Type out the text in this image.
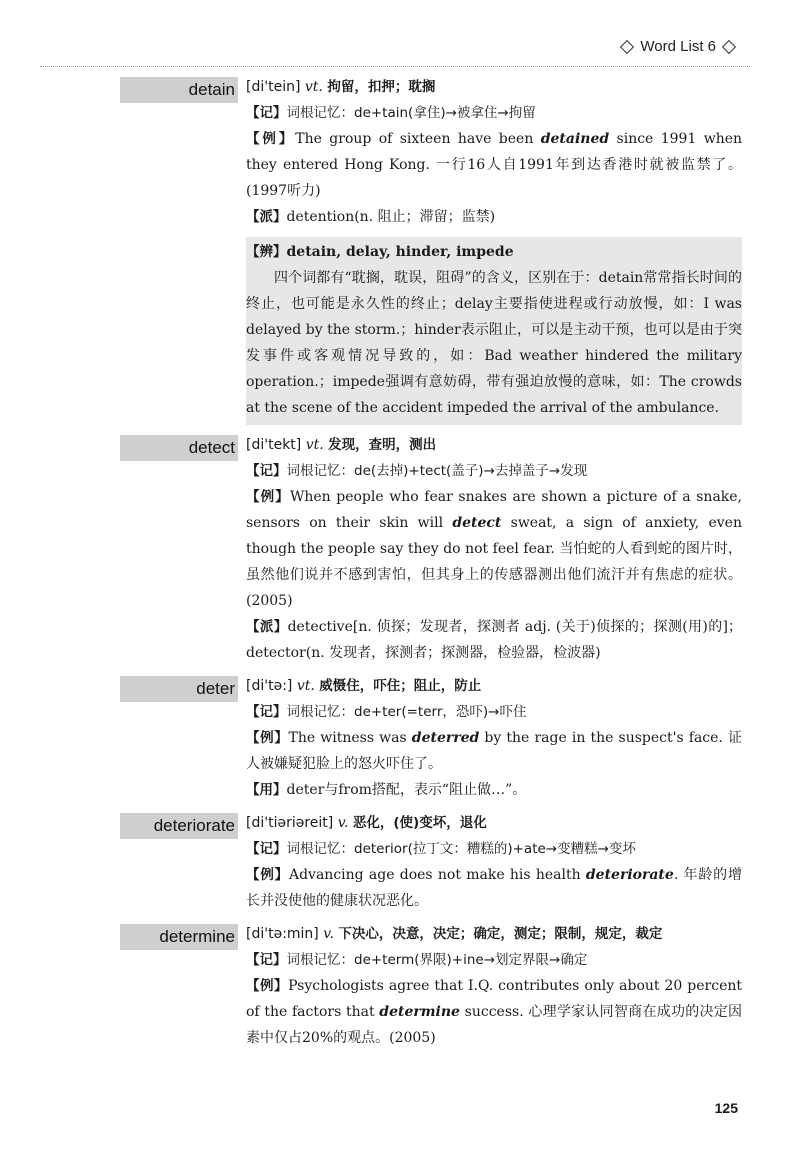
Word List 6
detain [di'tein] vt. 拘留，扣押；耽搁
【记】词根记忆：de+tain(拿住)→被拿住→拘留
【例】The group of sixteen have been detained since 1991 when they entered Hong Kong. 一行16人自1991年到达香港时就被监禁了。(1997听力)
【派】detention(n. 阻止；滞留；监禁)
【辨】detain, delay, hinder, impede
四个词都有“耽搁，耽误，阻碍”的含义，区别在于：detain常常指长时间的终止，也可能是永久性的终止；delay主要指使进程或行动放慢，如：I was delayed by the storm.；hinder表示阻止，可以是主动干预，也可以是由于突发事件或客观情况导致的，如：Bad weather hindered the military operation.；impede强调有意妨碍，带有强迫放慢的意味，如：The crowds at the scene of the accident impeded the arrival of the ambulance.
detect [di'tekt] vt. 发现，查明，测出
【记】词根记忆：de(去掉)+tect(盖子)→去掉盖子→发现
【例】When people who fear snakes are shown a picture of a snake, sensors on their skin will detect sweat, a sign of anxiety, even though the people say they do not feel fear. 当怕蛇的人看到蛇的图片时，虽然他们说并不感到害怕，但其身上的传感器测出他们流汗并有焦虑的症状。(2005)
【派】detective[n. 侦探；发现者，探测者 adj. (关于)侦探的；探测(用)的]；detector(n. 发现者，探测者；探测器，检验器，检波器)
deter [di'tə:] vt. 威慑住，吓住；阻止，防止
【记】词根记忆：de+ter(=terr，恐吓)→吓住
【例】The witness was deterred by the rage in the suspect's face. 证人被嫌疑犯脸上的怒火吓住了。
【用】deter与from搭配，表示“阻止做…”。
deteriorate [di'tiəriəreit] v. 恶化，(使)变坏，退化
【记】词根记忆：deterior(拉丁文：糟糕的)+ate→变糟糕→变坏
【例】Advancing age does not make his health deteriorate. 年龄的增长并没使他的健康状况恶化。
determine [di'tə:min] v. 下决心，决意，决定；确定，测定；限制，规定，裁定
【记】词根记忆：de+term(界限)+ine→划定界限→确定
【例】Psychologists agree that I.Q. contributes only about 20 percent of the factors that determine success. 心理学家认同智商在成功的决定因素中仅占20%的观点。(2005)
125
